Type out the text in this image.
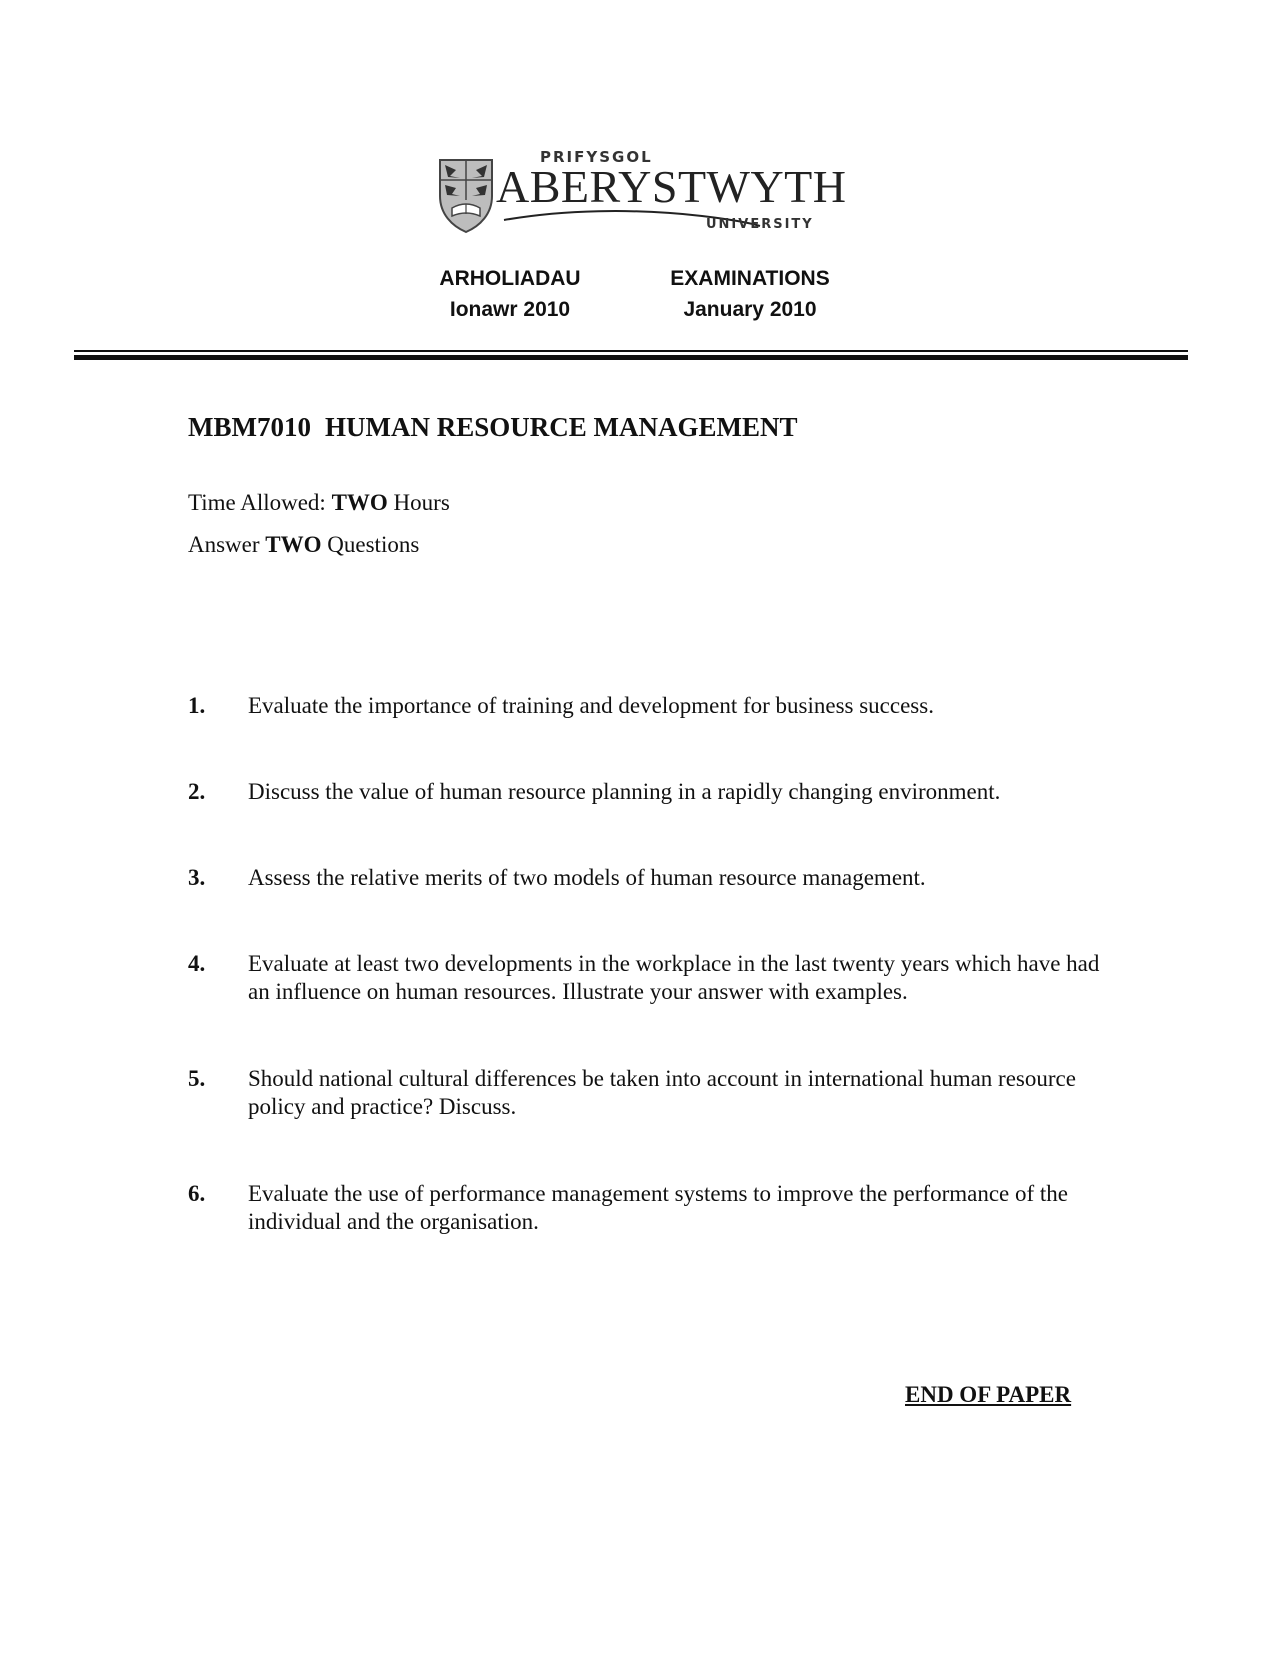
PRIFYSGOL
ABERYSTWYTH
UNIVERSITY
ARHOLIADAU
Ionawr 2010
EXAMINATIONS
January 2010
MBM7010 HUMAN RESOURCE MANAGEMENT
Time Allowed: TWO Hours
Answer TWO Questions
1. Evaluate the importance of training and development for business success.
2. Discuss the value of human resource planning in a rapidly changing environment.
3. Assess the relative merits of two models of human resource management.
4. Evaluate at least two developments in the workplace in the last twenty years which have had an influence on human resources. Illustrate your answer with examples.
5. Should national cultural differences be taken into account in international human resource policy and practice? Discuss.
6. Evaluate the use of performance management systems to improve the performance of the individual and the organisation.
END OF PAPER
